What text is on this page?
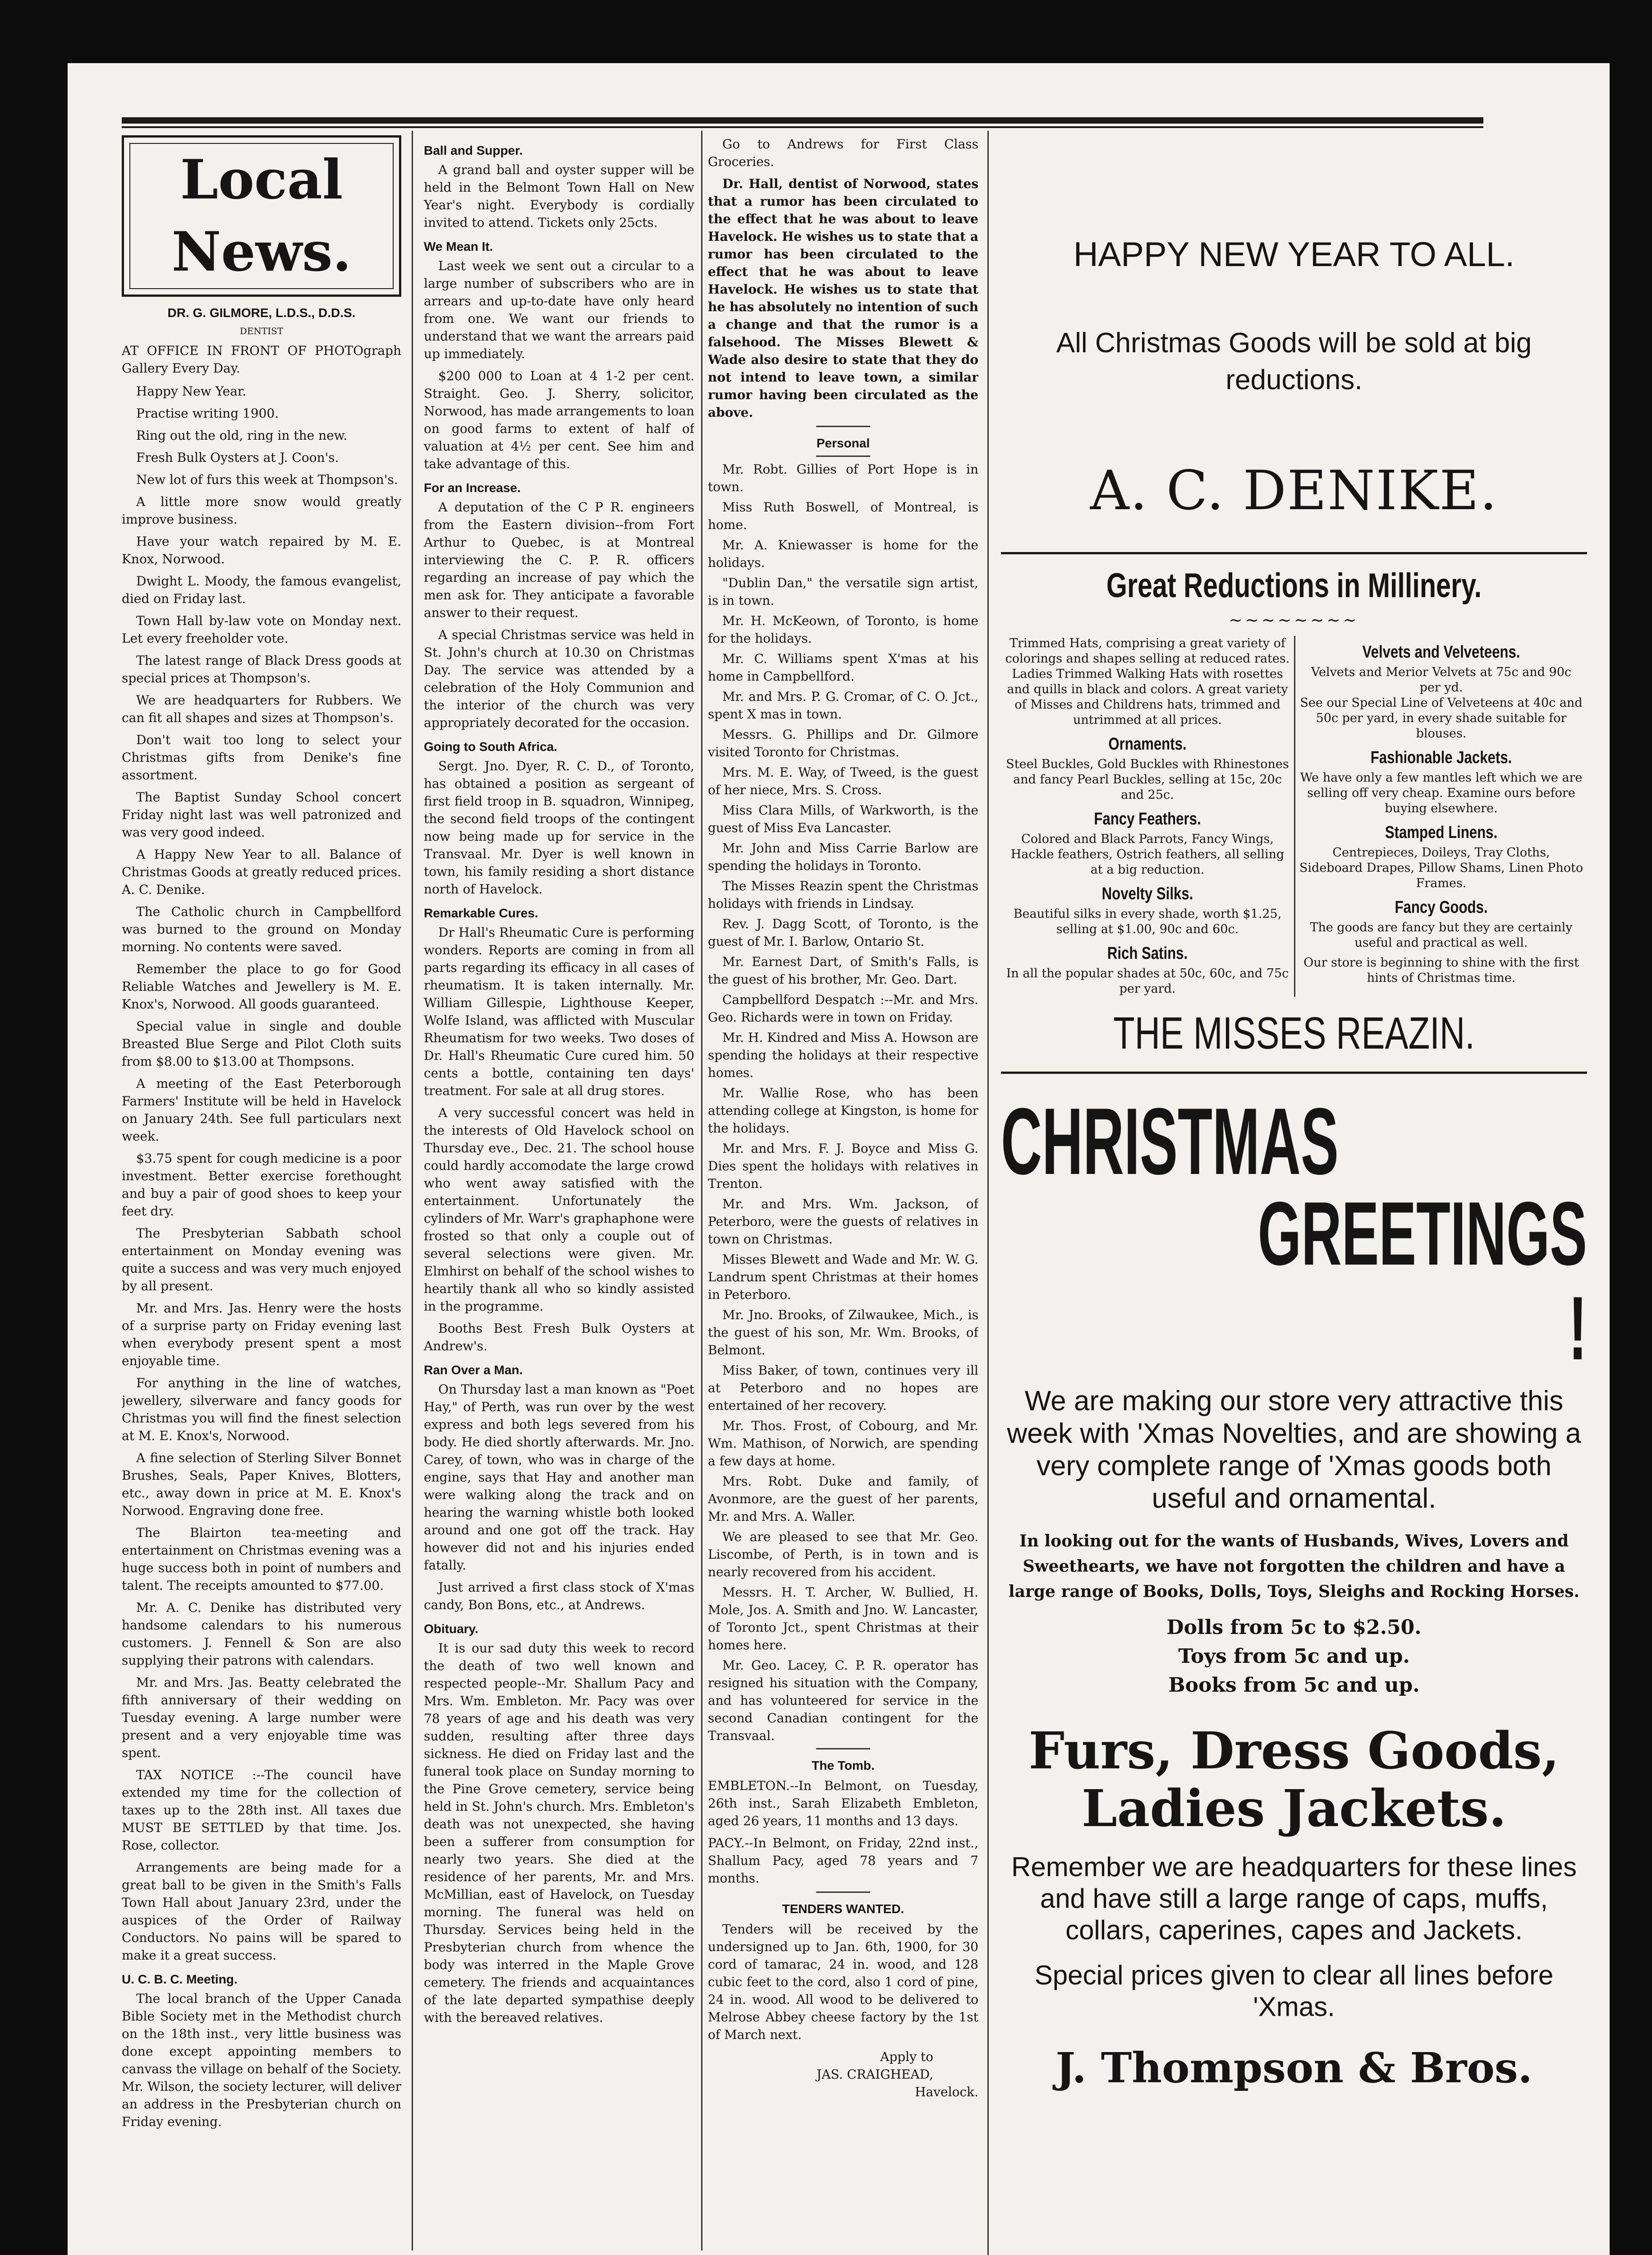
Local News.
DR. G. GILMORE, L.D.S., D.D.S.
DENTIST

AT OFFICE IN FRONT OF PHOTOgraph Gallery Every Day.

Happy New Year.

Practise writing 1900.

Ring out the old, ring in the new.

Fresh Bulk Oysters at J. Coon's.

New lot of furs this week at Thompson's.

A little more snow would greatly improve business.

Have your watch repaired by M. E. Knox, Norwood.

Dwight L. Moody, the famous evangelist, died on Friday last.

Town Hall by-law vote on Monday next. Let every freeholder vote.

The latest range of Black Dress goods at special prices at Thompson's.

We are headquarters for Rubbers. We can fit all shapes and sizes at Thompson's.

Don't wait too long to select your Christmas gifts from Denike's fine assortment.

The Baptist Sunday School concert Friday night last was well patronized and was very good indeed.

A Happy New Year to all. Balance of Christmas Goods at greatly reduced prices. A. C. Denike.

The Catholic church in Campbellford was burned to the ground on Monday morning. No contents were saved.

Remember the place to go for Good Reliable Watches and Jewellery is M. E. Knox's, Norwood. All goods guaranteed.

Special value in single and double Breasted Blue Serge and Pilot Cloth suits from $8.00 to $13.00 at Thompsons.

A meeting of the East Peterborough Farmers' Institute will be held in Havelock on January 24th. See full particulars next week.

$3.75 spent for cough medicine is a poor investment. Better exercise forethought and buy a pair of good shoes to keep your feet dry.

The Presbyterian Sabbath school entertainment on Monday evening was quite a success and was very much enjoyed by all present.

Mr. and Mrs. Jas. Henry were the hosts of a surprise party on Friday evening last when everybody present spent a most enjoyable time.

For anything in the line of watches, jewellery, silverware and fancy goods for Christmas you will find the finest selection at M. E. Knox's, Norwood.

A fine selection of Sterling Silver Bonnet Brushes, Seals, Paper Knives, Blotters, etc., away down in price at M. E. Knox's Norwood. Engraving done free.

The Blairton tea-meeting and entertainment on Christmas evening was a huge success both in point of numbers and talent. The receipts amounted to $77.00.

Mr. A. C. Denike has distributed very handsome calendars to his numerous customers. J. Fennell & Son are also supplying their patrons with calendars.

Mr. and Mrs. Jas. Beatty celebrated the fifth anniversary of their wedding on Tuesday evening. A large number were present and a very enjoyable time was spent.

TAX NOTICE :--The council have extended my time for the collection of taxes up to the 28th inst. All taxes due MUST BE SETTLED by that time. Jos. Rose, collector.

Arrangements are being made for a great ball to be given in the Smith's Falls Town Hall about January 23rd, under the auspices of the Order of Railway Conductors. No pains will be spared to make it a great success.

U. C. B. C. Meeting.

The local branch of the Upper Canada Bible Society met in the Methodist church on the 18th inst., very little business was done except appointing members to canvass the village on behalf of the Society. Mr. Wilson, the society lecturer, will deliver an address in the Presbyterian church on Friday evening.

Ball and Supper.

A grand ball and oyster supper will be held in the Belmont Town Hall on New Year's night. Everybody is cordially invited to attend. Tickets only 25cts.

We Mean It.

Last week we sent out a circular to a large number of subscribers who are in arrears and up-to-date have only heard from one. We want our friends to understand that we want the arrears paid up immediately.

$200 000 to Loan at 4 1-2 per cent. Straight. Geo. J. Sherry, solicitor, Norwood, has made arrangements to loan on good farms to extent of half of valuation at 4½ per cent. See him and take advantage of this.

For an Increase.

A deputation of the C P R. engineers from the Eastern division--from Fort Arthur to Quebec, is at Montreal interviewing the C. P. R. officers regarding an increase of pay which the men ask for. They anticipate a favorable answer to their request.

A special Christmas service was held in St. John's church at 10.30 on Christmas Day. The service was attended by a celebration of the Holy Communion and the interior of the church was very appropriately decorated for the occasion.

Going to South Africa.

Sergt. Jno. Dyer, R. C. D., of Toronto, has obtained a position as sergeant of first field troop in B. squadron, Winnipeg, the second field troops of the contingent now being made up for service in the Transvaal. Mr. Dyer is well known in town, his family residing a short distance north of Havelock.

Remarkable Cures.

Dr Hall's Rheumatic Cure is performing wonders. Reports are coming in from all parts regarding its efficacy in all cases of rheumatism. It is taken internally. Mr. William Gillespie, Lighthouse Keeper, Wolfe Island, was afflicted with Muscular Rheumatism for two weeks. Two doses of Dr. Hall's Rheumatic Cure cured him. 50 cents a bottle, containing ten days' treatment. For sale at all drug stores.

A very successful concert was held in the interests of Old Havelock school on Thursday eve., Dec. 21. The school house could hardly accomodate the large crowd who went away satisfied with the entertainment. Unfortunately the cylinders of Mr. Warr's graphaphone were frosted so that only a couple out of several selections were given. Mr. Elmhirst on behalf of the school wishes to heartily thank all who so kindly assisted in the programme.

Booths Best Fresh Bulk Oysters at Andrew's.

Ran Over a Man.

On Thursday last a man known as "Poet Hay," of Perth, was run over by the west express and both legs severed from his body. He died shortly afterwards. Mr. Jno. Carey, of town, who was in charge of the engine, says that Hay and another man were walking along the track and on hearing the warning whistle both looked around and one got off the track. Hay however did not and his injuries ended fatally.

Just arrived a first class stock of X'mas candy, Bon Bons, etc., at Andrews.

Obituary.

It is our sad duty this week to record the death of two well known and respected people--Mr. Shallum Pacy and Mrs. Wm. Embleton. Mr. Pacy was over 78 years of age and his death was very sudden, resulting after three days sickness. He died on Friday last and the funeral took place on Sunday morning to the Pine Grove cemetery, service being held in St. John's church. Mrs. Embleton's death was not unexpected, she having been a sufferer from consumption for nearly two years. She died at the residence of her parents, Mr. and Mrs. McMillian, east of Havelock, on Tuesday morning. The funeral was held on Thursday. Services being held in the Presbyterian church from whence the body was interred in the Maple Grove cemetery. The friends and acquaintances of the late departed sympathise deeply with the bereaved relatives.

Go to Andrews for First Class Groceries.

Dr. Hall, dentist of Norwood, states that a rumor has been circulated to the effect that he was about to leave Havelock. He wishes us to state that a rumor has been circulated to the effect that he was about to leave Havelock. He wishes us to state that he has absolutely no intention of such a change and that the rumor is a falsehood. The Misses Blewett & Wade also desire to state that they do not intend to leave town, a similar rumor having been circulated as the above.

Personal

Mr. Robt. Gillies of Port Hope is in town.

Miss Ruth Boswell, of Montreal, is home.

Mr. A. Kniewasser is home for the holidays.

"Dublin Dan," the versatile sign artist, is in town.

Mr. H. McKeown, of Toronto, is home for the holidays.

Mr. C. Williams spent X'mas at his home in Campbellford.

Mr. and Mrs. P. G. Cromar, of C. O. Jct., spent X mas in town.

Messrs. G. Phillips and Dr. Gilmore visited Toronto for Christmas.

Mrs. M. E. Way, of Tweed, is the guest of her niece, Mrs. S. Cross.

Miss Clara Mills, of Warkworth, is the guest of Miss Eva Lancaster.

Mr. John and Miss Carrie Barlow are spending the holidays in Toronto.

The Misses Reazin spent the Christmas holidays with friends in Lindsay.

Rev. J. Dagg Scott, of Toronto, is the guest of Mr. I. Barlow, Ontario St.

Mr. Earnest Dart, of Smith's Falls, is the guest of his brother, Mr. Geo. Dart.

Campbellford Despatch :--Mr. and Mrs. Geo. Richards were in town on Friday.

Mr. H. Kindred and Miss A. Howson are spending the holidays at their respective homes.

Mr. Wallie Rose, who has been attending college at Kingston, is home for the holidays.

Mr. and Mrs. F. J. Boyce and Miss G. Dies spent the holidays with relatives in Trenton.

Mr. and Mrs. Wm. Jackson, of Peterboro, were the guests of relatives in town on Christmas.

Misses Blewett and Wade and Mr. W. G. Landrum spent Christmas at their homes in Peterboro.

Mr. Jno. Brooks, of Zilwaukee, Mich., is the guest of his son, Mr. Wm. Brooks, of Belmont.

Miss Baker, of town, continues very ill at Peterboro and no hopes are entertained of her recovery.

Mr. Thos. Frost, of Cobourg, and Mr. Wm. Mathison, of Norwich, are spending a few days at home.

Mrs. Robt. Duke and family, of Avonmore, are the guest of her parents, Mr. and Mrs. A. Waller.

We are pleased to see that Mr. Geo. Liscombe, of Perth, is in town and is nearly recovered from his accident.

Messrs. H. T. Archer, W. Bullied, H. Mole, Jos. A. Smith and Jno. W. Lancaster, of Toronto Jct., spent Christmas at their homes here.

Mr. Geo. Lacey, C. P. R. operator has resigned his situation with the Company, and has volunteered for service in the second Canadian contingent for the Transvaal.

The Tomb.

EMBLETON.--In Belmont, on Tuesday, 26th inst., Sarah Elizabeth Embleton, aged 26 years, 11 months and 13 days.

PACY.--In Belmont, on Friday, 22nd inst., Shallum Pacy, aged 78 years and 7 months.

TENDERS WANTED.

Tenders will be received by the undersigned up to Jan. 6th, 1900, for 30 cord of tamarac, 24 in. wood, and 128 cubic feet to the cord, also 1 cord of pine, 24 in. wood. All wood to be delivered to Melrose Abbey cheese factory by the 1st of March next.

Apply to
JAS. CRAIGHEAD,
Havelock.
HAPPY NEW YEAR TO ALL.
All Christmas Goods will be sold at big reductions.
A. C. DENIKE.
Great Reductions in Millinery.
~~~~~~~~
Trimmed Hats, comprising a great variety of colorings and shapes selling at reduced rates. Ladies Trimmed Walking Hats with rosettes and quills in black and colors. A great variety of Misses and Childrens hats, trimmed and untrimmed at all prices.
Ornaments.
Steel Buckles, Gold Buckles with Rhinestones and fancy Pearl Buckles, selling at 15c, 20c and 25c.
Fancy Feathers.
Colored and Black Parrots, Fancy Wings, Hackle feathers, Ostrich feathers, all selling at a big reduction.
Novelty Silks.
Beautiful silks in every shade, worth $1.25, selling at $1.00, 90c and 60c.
Rich Satins.
In all the popular shades at 50c, 60c, and 75c per yard.
Velvets and Velveteens.
Velvets and Merior Velvets at 75c and 90c per yd.
See our Special Line of Velveteens at 40c and 50c per yard, in every shade suitable for blouses.
Fashionable Jackets.
We have only a few mantles left which we are selling off very cheap. Examine ours before buying elsewhere.
Stamped Linens.
Centrepieces, Doileys, Tray Cloths, Sideboard Drapes, Pillow Shams, Linen Photo Frames.
Fancy Goods.
The goods are fancy but they are certainly useful and practical as well.
Our store is beginning to shine with the first hints of Christmas time.
THE MISSES REAZIN.
CHRISTMAS
GREETINGS !
We are making our store very attractive this week with 'Xmas Novelties, and are showing a very complete range of 'Xmas goods both useful and ornamental.
In looking out for the wants of Husbands, Wives, Lovers and Sweethearts, we have not forgotten the children and have a large range of Books, Dolls, Toys, Sleighs and Rocking Horses.
Dolls from 5c to $2.50.
Toys from 5c and up.
Books from 5c and up.
Furs, Dress Goods, Ladies Jackets.
Remember we are headquarters for these lines and have still a large range of caps, muffs, collars, caperines, capes and Jackets.
Special prices given to clear all lines before 'Xmas.
J. Thompson & Bros.
